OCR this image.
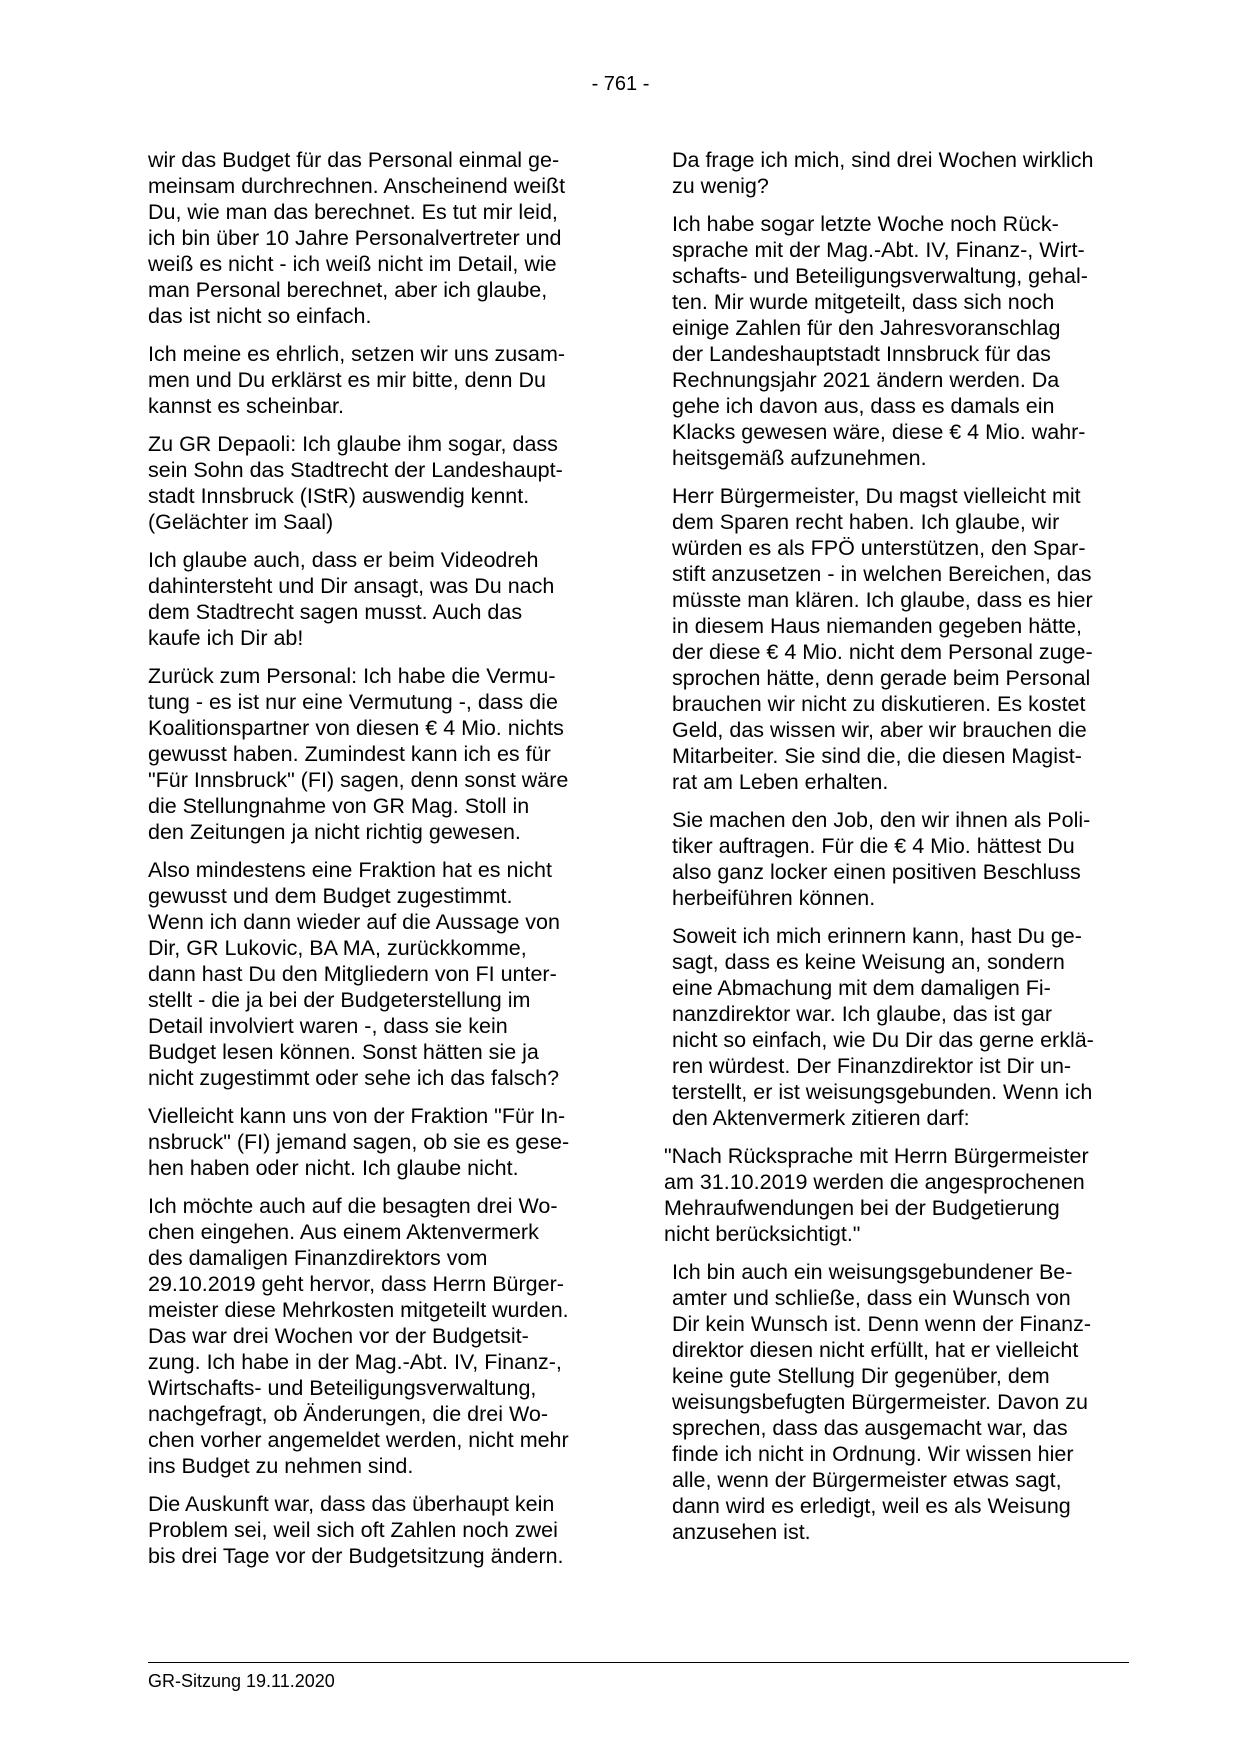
- 761 -

wir das Budget für das Personal einmal ge-
meinsam durchrechnen. Anscheinend weißt
Du, wie man das berechnet. Es tut mir leid,
ich bin über 10 Jahre Personalvertreter und
weiß es nicht - ich weiß nicht im Detail, wie
man Personal berechnet, aber ich glaube,
das ist nicht so einfach.

Ich meine es ehrlich, setzen wir uns zusam-
men und Du erklärst es mir bitte, denn Du
kannst es scheinbar.

Zu GR Depaoli: Ich glaube ihm sogar, dass
sein Sohn das Stadtrecht der Landeshaupt-
stadt Innsbruck (IStR) auswendig kennt.
(Gelächter im Saal)

Ich glaube auch, dass er beim Videodreh
dahintersteht und Dir ansagt, was Du nach
dem Stadtrecht sagen musst. Auch das
kaufe ich Dir ab!

Zurück zum Personal: Ich habe die Vermu-
tung - es ist nur eine Vermutung -, dass die
Koalitionspartner von diesen € 4 Mio. nichts
gewusst haben. Zumindest kann ich es für
"Für Innsbruck" (FI) sagen, denn sonst wäre
die Stellungnahme von GR Mag. Stoll in
den Zeitungen ja nicht richtig gewesen.

Also mindestens eine Fraktion hat es nicht
gewusst und dem Budget zugestimmt.
Wenn ich dann wieder auf die Aussage von
Dir, GR Lukovic, BA MA, zurückkomme,
dann hast Du den Mitgliedern von FI unter-
stellt - die ja bei der Budgeterstellung im
Detail involviert waren -, dass sie kein
Budget lesen können. Sonst hätten sie ja
nicht zugestimmt oder sehe ich das falsch?

Vielleicht kann uns von der Fraktion "Für In-
nsbruck" (FI) jemand sagen, ob sie es gese-
hen haben oder nicht. Ich glaube nicht.

Ich möchte auch auf die besagten drei Wo-
chen eingehen. Aus einem Aktenvermerk
des damaligen Finanzdirektors vom
29.10.2019 geht hervor, dass Herrn Bürger-
meister diese Mehrkosten mitgeteilt wurden.
Das war drei Wochen vor der Budgetsit-
zung. Ich habe in der Mag.-Abt. IV, Finanz-,
Wirtschafts- und Beteiligungsverwaltung,
nachgefragt, ob Änderungen, die drei Wo-
chen vorher angemeldet werden, nicht mehr
ins Budget zu nehmen sind.

Die Auskunft war, dass das überhaupt kein
Problem sei, weil sich oft Zahlen noch zwei
bis drei Tage vor der Budgetsitzung ändern.

Da frage ich mich, sind drei Wochen wirklich
zu wenig?

Ich habe sogar letzte Woche noch Rück-
sprache mit der Mag.-Abt. IV, Finanz-, Wirt-
schafts- und Beteiligungsverwaltung, gehal-
ten. Mir wurde mitgeteilt, dass sich noch
einige Zahlen für den Jahresvoranschlag
der Landeshauptstadt Innsbruck für das
Rechnungsjahr 2021 ändern werden. Da
gehe ich davon aus, dass es damals ein
Klacks gewesen wäre, diese € 4 Mio. wahr-
heitsgemäß aufzunehmen.

Herr Bürgermeister, Du magst vielleicht mit
dem Sparen recht haben. Ich glaube, wir
würden es als FPÖ unterstützen, den Spar-
stift anzusetzen - in welchen Bereichen, das
müsste man klären. Ich glaube, dass es hier
in diesem Haus niemanden gegeben hätte,
der diese € 4 Mio. nicht dem Personal zuge-
sprochen hätte, denn gerade beim Personal
brauchen wir nicht zu diskutieren. Es kostet
Geld, das wissen wir, aber wir brauchen die
Mitarbeiter. Sie sind die, die diesen Magist-
rat am Leben erhalten.

Sie machen den Job, den wir ihnen als Poli-
tiker auftragen. Für die € 4 Mio. hättest Du
also ganz locker einen positiven Beschluss
herbeiführen können.

Soweit ich mich erinnern kann, hast Du ge-
sagt, dass es keine Weisung an, sondern
eine Abmachung mit dem damaligen Fi-
nanzdirektor war. Ich glaube, das ist gar
nicht so einfach, wie Du Dir das gerne erklä-
ren würdest. Der Finanzdirektor ist Dir un-
terstellt, er ist weisungsgebunden. Wenn ich
den Aktenvermerk zitieren darf:

"Nach Rücksprache mit Herrn Bürgermeister
am 31.10.2019 werden die angesprochenen
Mehraufwendungen bei der Budgetierung
nicht berücksichtigt."

Ich bin auch ein weisungsgebundener Be-
amter und schließe, dass ein Wunsch von
Dir kein Wunsch ist. Denn wenn der Finanz-
direktor diesen nicht erfüllt, hat er vielleicht
keine gute Stellung Dir gegenüber, dem
weisungsbefugten Bürgermeister. Davon zu
sprechen, dass das ausgemacht war, das
finde ich nicht in Ordnung. Wir wissen hier
alle, wenn der Bürgermeister etwas sagt,
dann wird es erledigt, weil es als Weisung
anzusehen ist.

GR-Sitzung 19.11.2020
